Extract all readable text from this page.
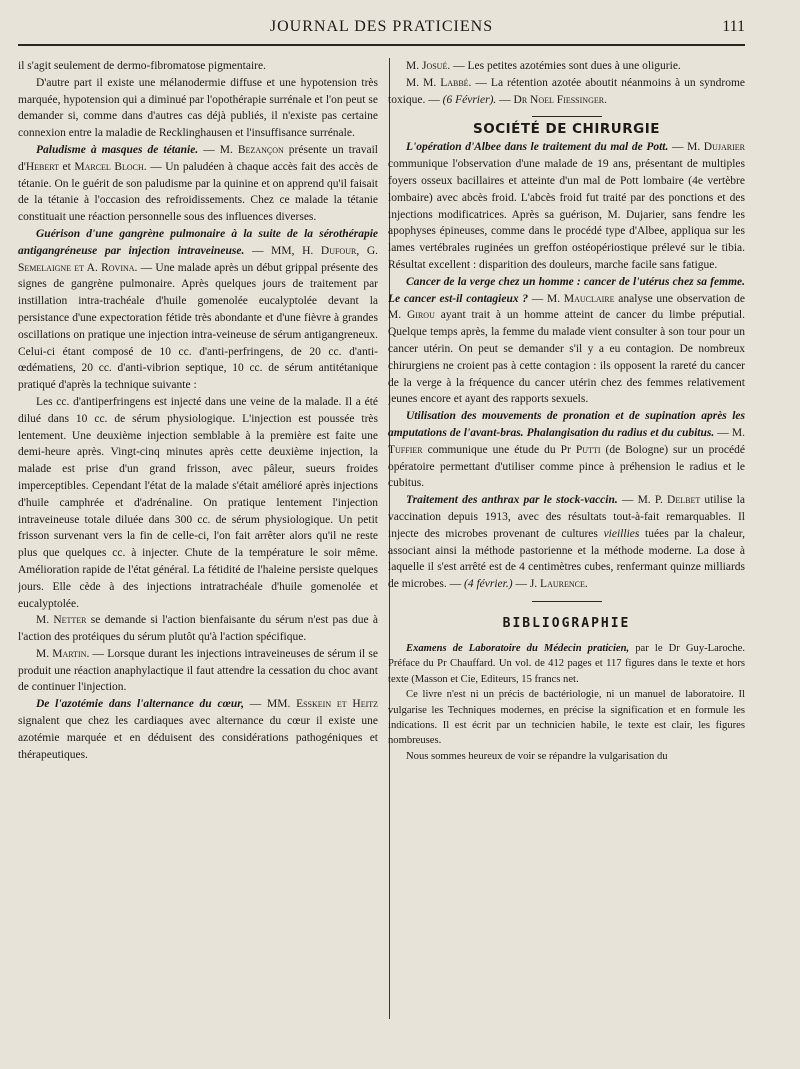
JOURNAL DES PRATICIENS	111

il s'agit seulement de dermo-fibromatose pigmentaire.

D'autre part il existe une mélanodermie diffuse et une hypotension très marquée, hypotension qui a diminué par l'opothérapie surrénale et l'on peut se demander si, comme dans d'autres cas déjà publiés, il n'existe pas certaine connexion entre la maladie de Recklinghausen et l'insuffisance surrénale.

Paludisme à masques de tétanie. — M. Bezançon présente un travail d'Hebert et Marcel Bloch. — Un paludéen à chaque accès fait des accès de tétanie. On le guérit de son paludisme par la quinine et on apprend qu'il faisait de la tétanie à l'occasion des refroidissements. Chez ce malade la tétanie constituait une réaction personnelle sous des influences diverses.

Guérison d'une gangrène pulmonaire à la suite de la sérothérapie antigangréneuse par injection intraveineuse. — MM, H. Dufour, G. Semelaigne et A. Rovina. — Une malade après un début grippal présente des signes de gangrène pulmonaire. Après quelques jours de traitement par instillation intra-trachéale d'huile gomenolée eucalyptolée devant la persistance d'une expectoration fétide très abondante et d'une fièvre à grandes oscillations on pratique une injection intra-veineuse de sérum antigangreneux. Celui-ci étant composé de 10 cc. d'anti-perfringens, de 20 cc. d'anti-œdématiens, 20 cc. d'anti-vibrion septique, 10 cc. de sérum antitétanique pratiqué d'après la technique suivante :

Les cc. d'antiperfringens est injecté dans une veine de la malade. Il a été dilué dans 10 cc. de sérum physiologique. L'injection est poussée très lentement. Une deuxième injection semblable à la première est faite une demi-heure après. Vingt-cinq minutes après cette deuxième injection, la malade est prise d'un grand frisson, avec pâleur, sueurs froides imperceptibles. Cependant l'état de la malade s'était amélioré après injections d'huile camphrée et d'adrénaline. On pratique lentement l'injection intraveineuse totale diluée dans 300 cc. de sérum physiologique. Un petit frisson survenant vers la fin de celle-ci, l'on fait arrêter alors qu'il ne reste plus que quelques cc. à injecter. Chute de la température le soir même. Amélioration rapide de l'état général. La fétidité de l'haleine persiste quelques jours. Elle cède à des injections intratrachéale d'huile gomenolée et eucalyptolée.

M. Netter se demande si l'action bienfaisante du sérum n'est pas due à l'action des protéiques du sérum plutôt qu'à l'action spécifique.

M. Martin. — Lorsque durant les injections intraveineuses de sérum il se produit une réaction anaphylactique il faut attendre la cessation du choc avant de continuer l'injection.

De l'azotémie dans l'alternance du cœur, — MM. Esskein et Heitz signalent que chez les cardiaques avec alternance du cœur il existe une azotémie marquée et en déduisent des considérations pathogéniques et thérapeutiques.

M. Josué. — Les petites azotémies sont dues à une oligurie.

M. M. Labbé. — La rétention azotée aboutit néanmoins à un syndrome toxique. — (6 Février). — Dr Noel Fiessinger.

SOCIÉTÉ DE CHIRURGIE

L'opération d'Albee dans le traitement du mal de Pott. — M. Dujarier communique l'observation d'une malade de 19 ans, présentant de multiples foyers osseux bacillaires et atteinte d'un mal de Pott lombaire (4e vertèbre lombaire) avec abcès froid. L'abcès froid fut traité par des ponctions et des injections modificatrices. Après sa guérison, M. Dujarier, sans fendre les apophyses épineuses, comme dans le procédé type d'Albee, appliqua sur les lames vertébrales ruginées un greffon ostéopériostique prélevé sur le tibia. Résultat excellent : disparition des douleurs, marche facile sans fatigue.

Cancer de la verge chez un homme : cancer de l'utérus chez sa femme. Le cancer est-il contagieux ? — M. Mauclaire analyse une observation de M. Girou ayant trait à un homme atteint de cancer du limbe préputial. Quelque temps après, la femme du malade vient consulter à son tour pour un cancer utérin. On peut se demander s'il y a eu contagion. De nombreux chirurgiens ne croient pas à cette contagion : ils opposent la rareté du cancer de la verge à la fréquence du cancer utérin chez des femmes relativement jeunes encore et ayant des rapports sexuels.

Utilisation des mouvements de pronation et de supination après les amputations de l'avant-bras. Phalangisation du radius et du cubitus. — M. Tuffier communique une étude du Pr Putti (de Bologne) sur un procédé opératoire permettant d'utiliser comme pince à préhension le radius et le cubitus.

Traitement des anthrax par le stock-vaccin. — M. P. Delbet utilise la vaccination depuis 1913, avec des résultats tout-à-fait remarquables. Il injecte des microbes provenant de cultures vieillies tuées par la chaleur, associant ainsi la méthode pastorienne et la méthode moderne. La dose à laquelle il s'est arrêté est de 4 centimètres cubes, renfermant quinze milliards de microbes. — (4 février.) — J. Laurence.

BIBLIOGRAPHIE

Examens de Laboratoire du Médecin praticien, par le Dr Guy-Laroche. Préface du Pr Chauffard. Un vol. de 412 pages et 117 figures dans le texte et hors texte (Masson et Cie, Editeurs, 15 francs net.

Ce livre n'est ni un précis de bactériologie, ni un manuel de laboratoire. Il vulgarise les Techniques modernes, en précise la signification et en formule les indications. Il est écrit par un technicien habile, le texte est clair, les figures nombreuses.

Nous sommes heureux de voir se répandre la vulgarisation du
